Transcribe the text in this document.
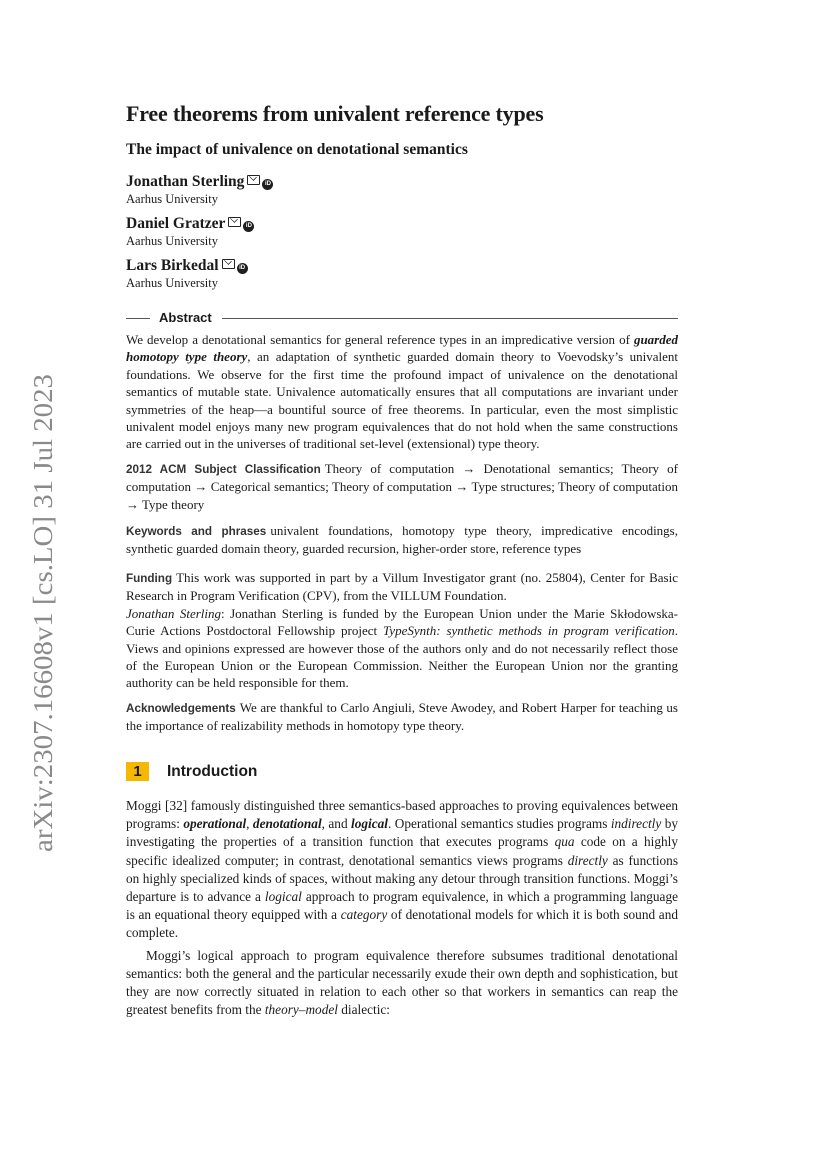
arXiv:2307.16608v1 [cs.LO] 31 Jul 2023
Free theorems from univalent reference types
The impact of univalence on denotational semantics
Jonathan Sterling	iD
Aarhus University
Daniel Gratzer	iD
Aarhus University
Lars Birkedal	iD
Aarhus University
Abstract

We develop a denotational semantics for general reference types in an impredicative version of guarded homotopy type theory, an adaptation of synthetic guarded domain theory to Voevodsky’s univalent foundations. We observe for the first time the profound impact of univalence on the denotational semantics of mutable state. Univalence automatically ensures that all computations are invariant under symmetries of the heap—a bountiful source of free theorems. In particular, even the most simplistic univalent model enjoys many new program equivalences that do not hold when the same constructions are carried out in the universes of traditional set-level (extensional) type theory.

2012 ACM Subject Classification Theory of computation → Denotational semantics; Theory of computation → Categorical semantics; Theory of computation → Type structures; Theory of computation → Type theory

Keywords and phrases univalent foundations, homotopy type theory, impredicative encodings, synthetic guarded domain theory, guarded recursion, higher-order store, reference types

Funding This work was supported in part by a Villum Investigator grant (no. 25804), Center for Basic Research in Program Verification (CPV), from the VILLUM Foundation.
Jonathan Sterling: Jonathan Sterling is funded by the European Union under the Marie Skłodowska-Curie Actions Postdoctoral Fellowship project TypeSynth: synthetic methods in program verification. Views and opinions expressed are however those of the authors only and do not necessarily reflect those of the European Union or the European Commission. Neither the European Union nor the granting authority can be held responsible for them.

Acknowledgements We are thankful to Carlo Angiuli, Steve Awodey, and Robert Harper for teaching us the importance of realizability methods in homotopy type theory.

1	Introduction

Moggi [32] famously distinguished three semantics-based approaches to proving equivalences between programs: operational, denotational, and logical. Operational semantics studies programs indirectly by investigating the properties of a transition function that executes programs qua code on a highly specific idealized computer; in contrast, denotational semantics views programs directly as functions on highly specialized kinds of spaces, without making any detour through transition functions. Moggi’s departure is to advance a logical approach to program equivalence, in which a programming language is an equational theory equipped with a category of denotational models for which it is both sound and complete.

Moggi’s logical approach to program equivalence therefore subsumes traditional denotational semantics: both the general and the particular necessarily exude their own depth and sophistication, but they are now correctly situated in relation to each other so that workers in semantics can reap the greatest benefits from the theory–model dialectic:
